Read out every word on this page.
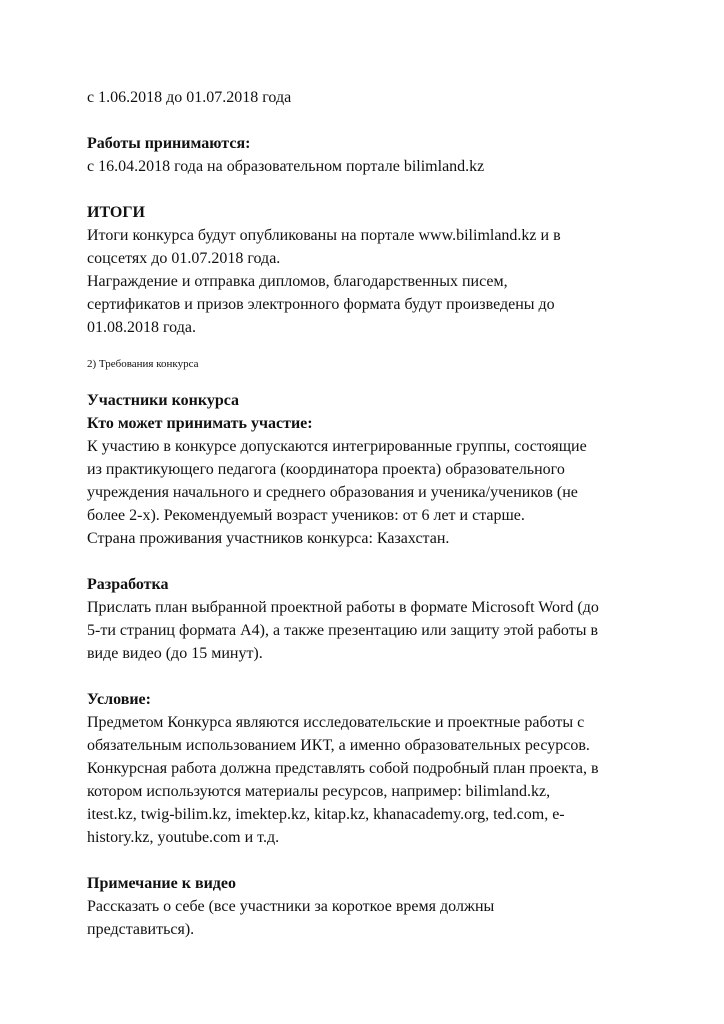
с 1.06.2018 до 01.07.2018 года
Работы принимаются:
с 16.04.2018 года на образовательном портале bilimland.kz
ИТОГИ
Итоги конкурса будут опубликованы на портале www.bilimland.kz и в
соцсетях до 01.07.2018 года.
Награждение и отправка дипломов, благодарственных писем,
сертификатов и призов электронного формата будут произведены до
01.08.2018 года.
2) Требования конкурса
Участники конкурса
Кто может принимать участие:
К участию в конкурсе допускаются интегрированные группы, состоящие
из практикующего педагога (координатора проекта) образовательного
учреждения начального и среднего образования и ученика/учеников (не
более 2-х). Рекомендуемый возраст учеников: от 6 лет и старше.
Страна проживания участников конкурса: Казахстан.
Разработка
Прислать план выбранной проектной работы в формате Microsoft Word (до
5-ти страниц формата А4), а также презентацию или защиту этой работы в
виде видео (до 15 минут).
Условие:
Предметом Конкурса являются исследовательские и проектные работы с
обязательным использованием ИКТ, а именно образовательных ресурсов.
Конкурсная работа должна представлять собой подробный план проекта, в
котором используются материалы ресурсов, например: bilimland.kz,
itest.kz, twig-bilim.kz, imektep.kz, kitap.kz, khanacademy.org, ted.com, e-
history.kz, youtube.com и т.д.
Примечание к видео
Рассказать о себе (все участники за короткое время должны
представиться).
